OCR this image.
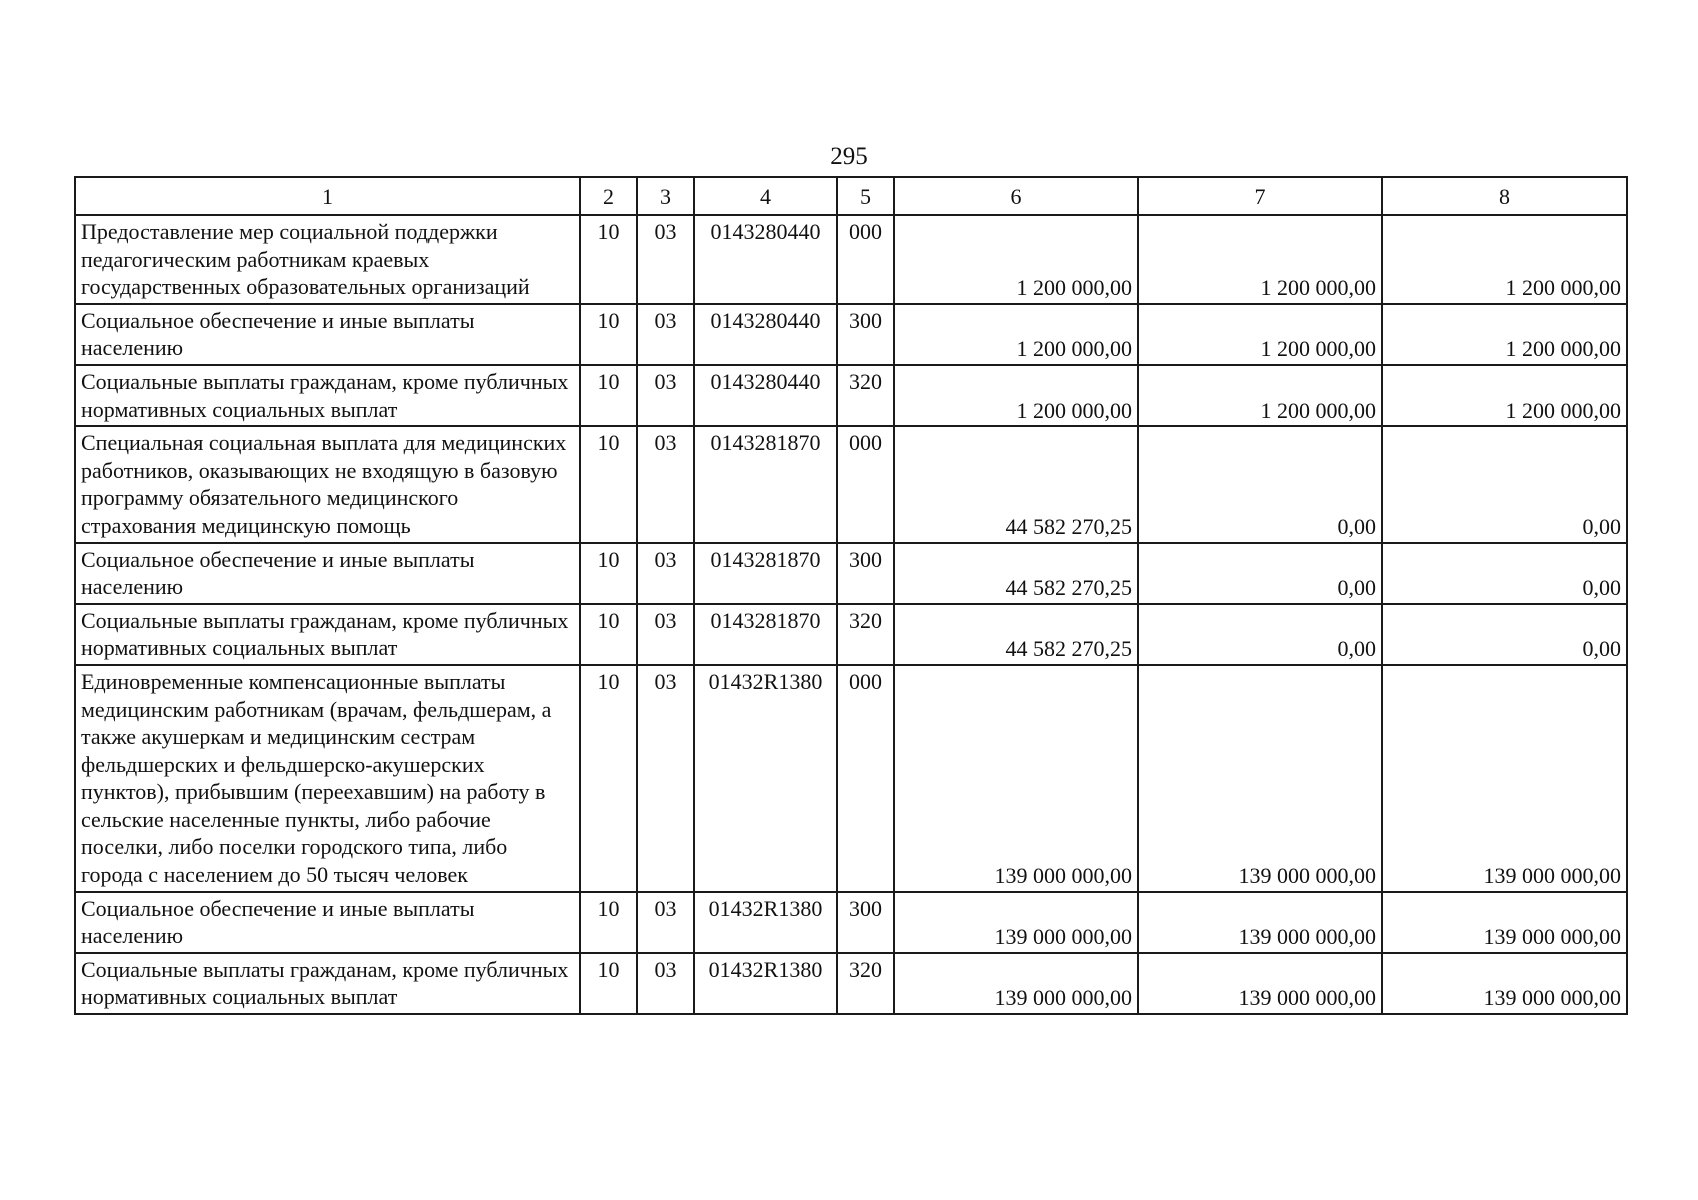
295
1	2	3	4	5	6	7	8
Предоставление мер социальной поддержки педагогическим работникам краевых государственных образовательных организаций	10	03	0143280440	000	1 200 000,00	1 200 000,00	1 200 000,00
Социальное обеспечение и иные выплаты населению	10	03	0143280440	300	1 200 000,00	1 200 000,00	1 200 000,00
Социальные выплаты гражданам, кроме публичных нормативных социальных выплат	10	03	0143280440	320	1 200 000,00	1 200 000,00	1 200 000,00
Специальная социальная выплата для медицинских работников, оказывающих не входящую в базовую программу обязательного медицинского страхования медицинскую помощь	10	03	0143281870	000	44 582 270,25	0,00	0,00
Социальное обеспечение и иные выплаты населению	10	03	0143281870	300	44 582 270,25	0,00	0,00
Социальные выплаты гражданам, кроме публичных нормативных социальных выплат	10	03	0143281870	320	44 582 270,25	0,00	0,00
Единовременные компенсационные выплаты медицинским работникам (врачам, фельдшерам, а также акушеркам и медицинским сестрам фельдшерских и фельдшерско-акушерских пунктов), прибывшим (переехавшим) на работу в сельские населенные пункты, либо рабочие поселки, либо поселки городского типа, либо города с населением до 50 тысяч человек	10	03	01432R1380	000	139 000 000,00	139 000 000,00	139 000 000,00
Социальное обеспечение и иные выплаты населению	10	03	01432R1380	300	139 000 000,00	139 000 000,00	139 000 000,00
Социальные выплаты гражданам, кроме публичных нормативных социальных выплат	10	03	01432R1380	320	139 000 000,00	139 000 000,00	139 000 000,00
